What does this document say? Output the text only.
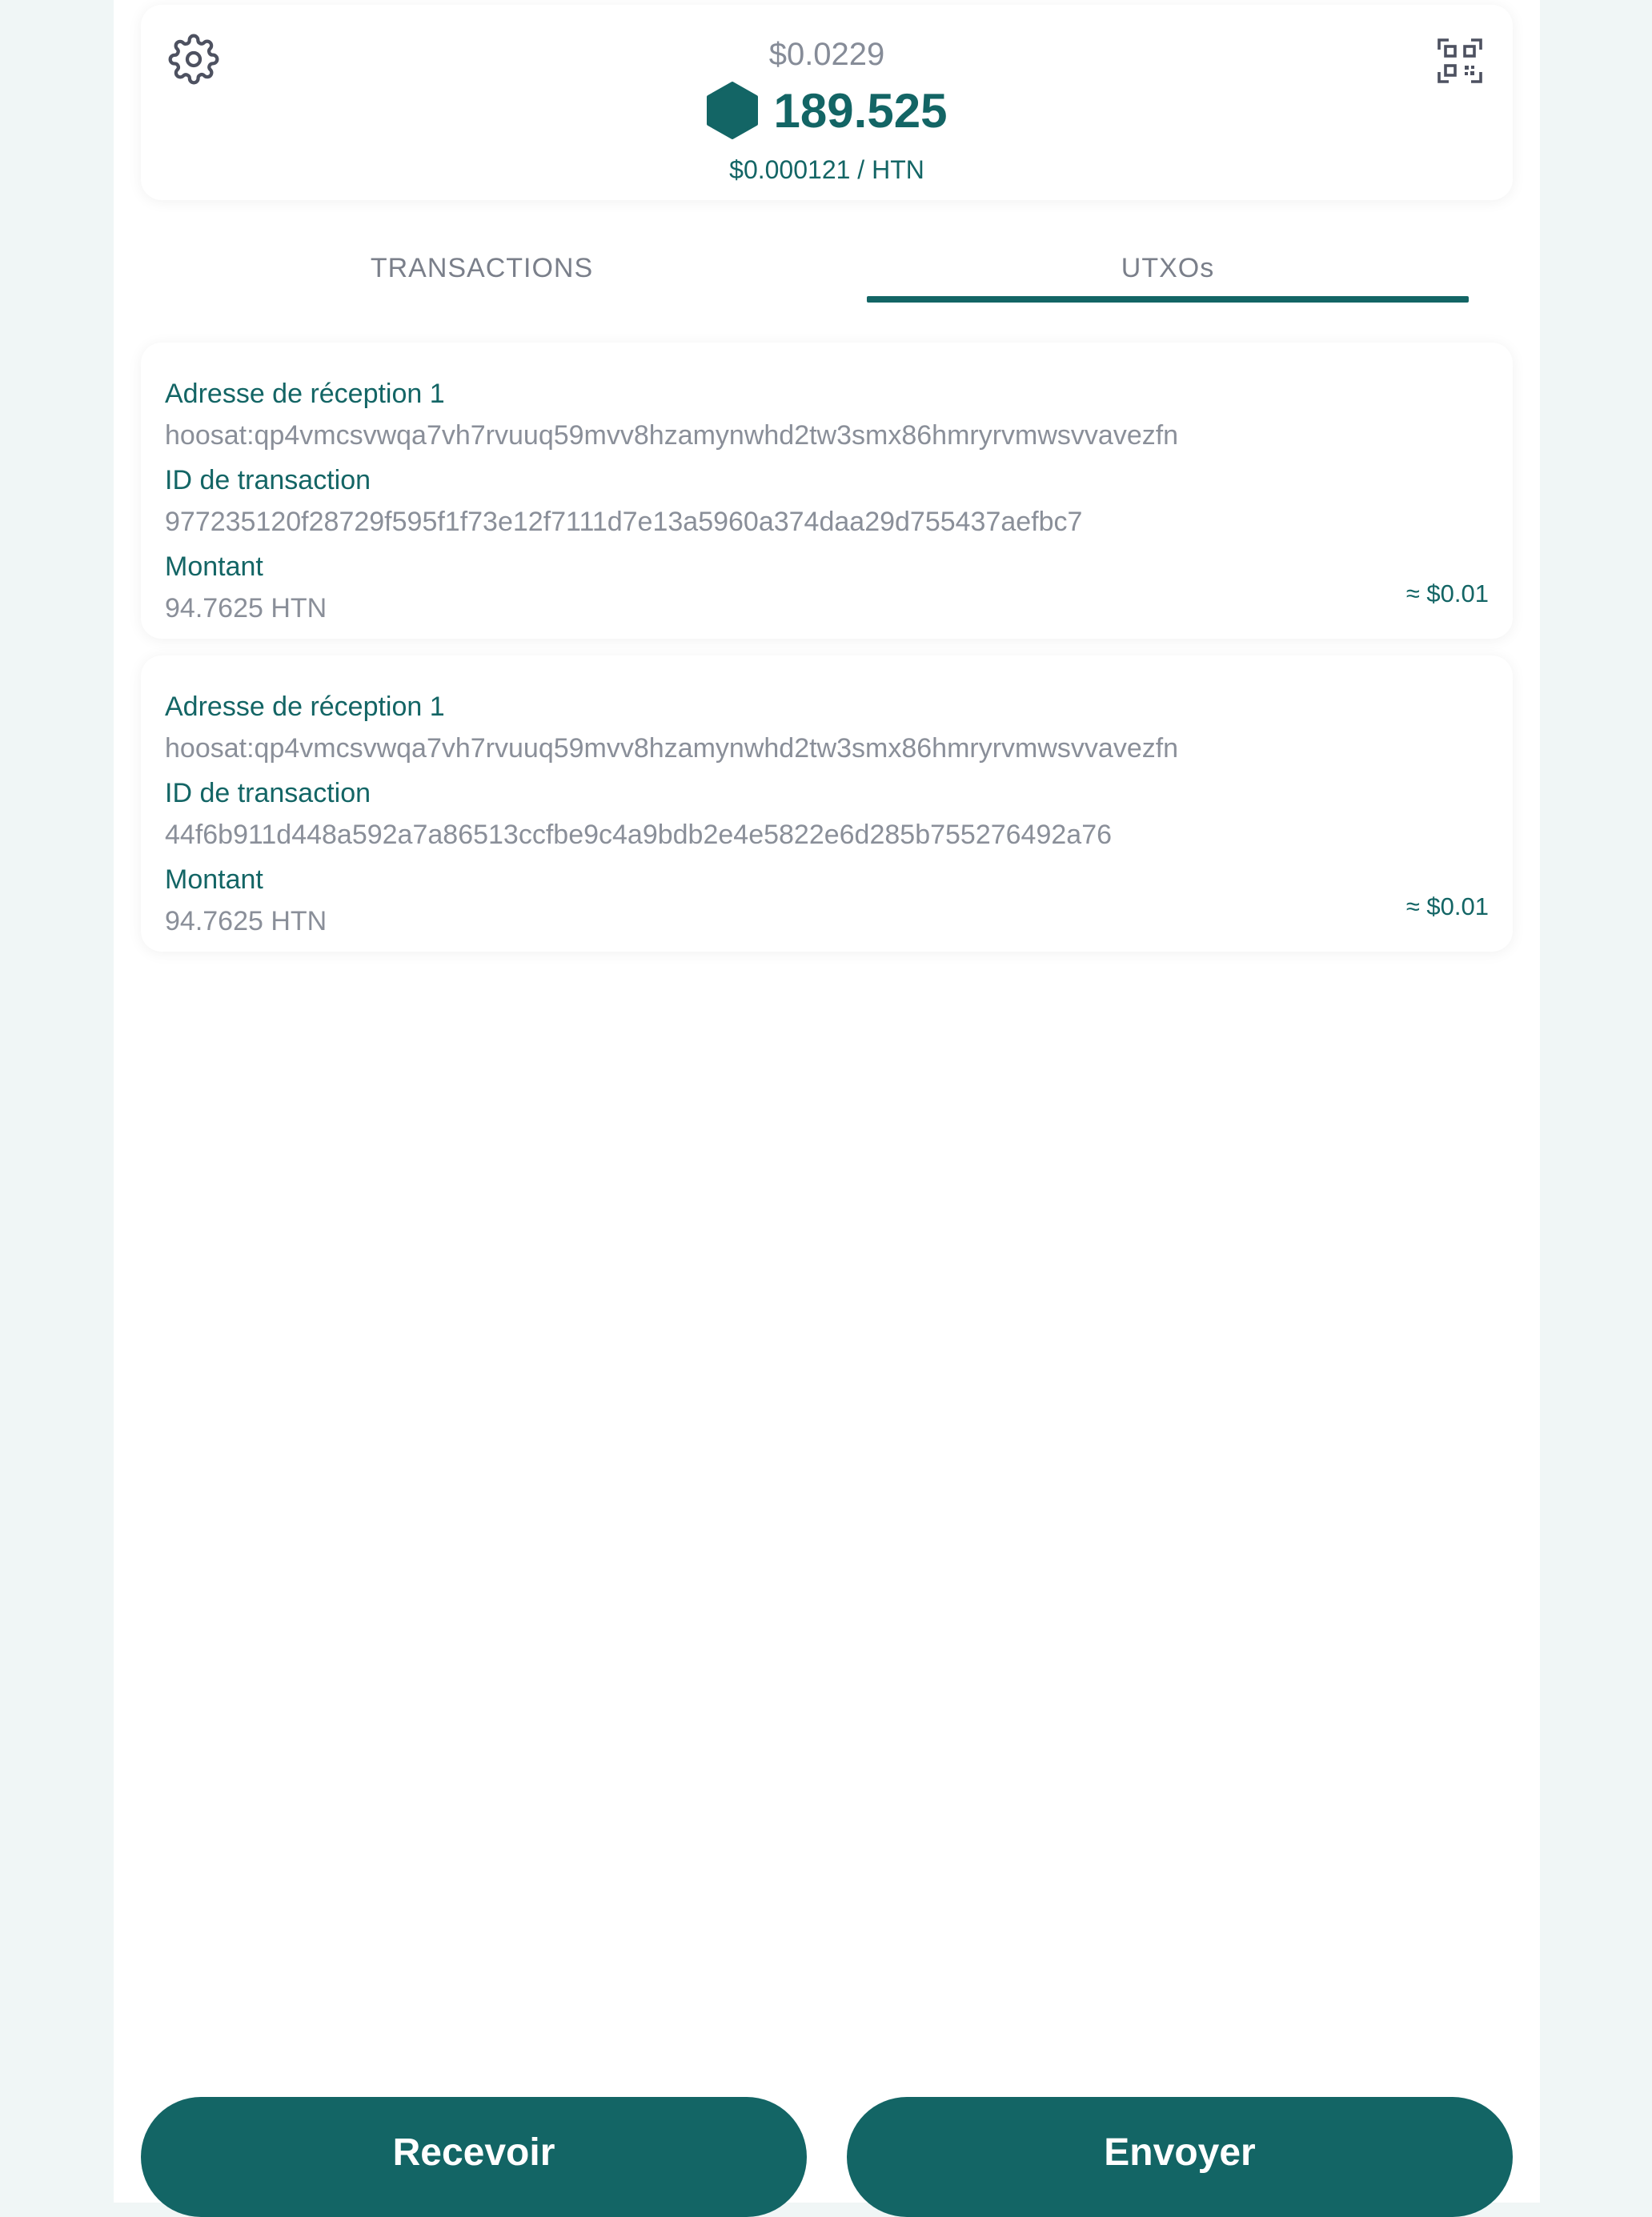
$0.0229
189.525
$0.000121 / HTN
TRANSACTIONS	UTXOs
Adresse de réception 1
hoosat:qp4vmcsvwqa7vh7rvuuq59mvv8hzamynwhd2tw3smx86hmryrvmwsvvavezfn
ID de transaction
977235120f28729f595f1f73e12f7111d7e13a5960a374daa29d755437aefbc7
Montant
94.7625 HTN	≈ $0.01
Adresse de réception 1
hoosat:qp4vmcsvwqa7vh7rvuuq59mvv8hzamynwhd2tw3smx86hmryrvmwsvvavezfn
ID de transaction
44f6b911d448a592a7a86513ccfbe9c4a9bdb2e4e5822e6d285b755276492a76
Montant
94.7625 HTN	≈ $0.01
Recevoir	Envoyer
